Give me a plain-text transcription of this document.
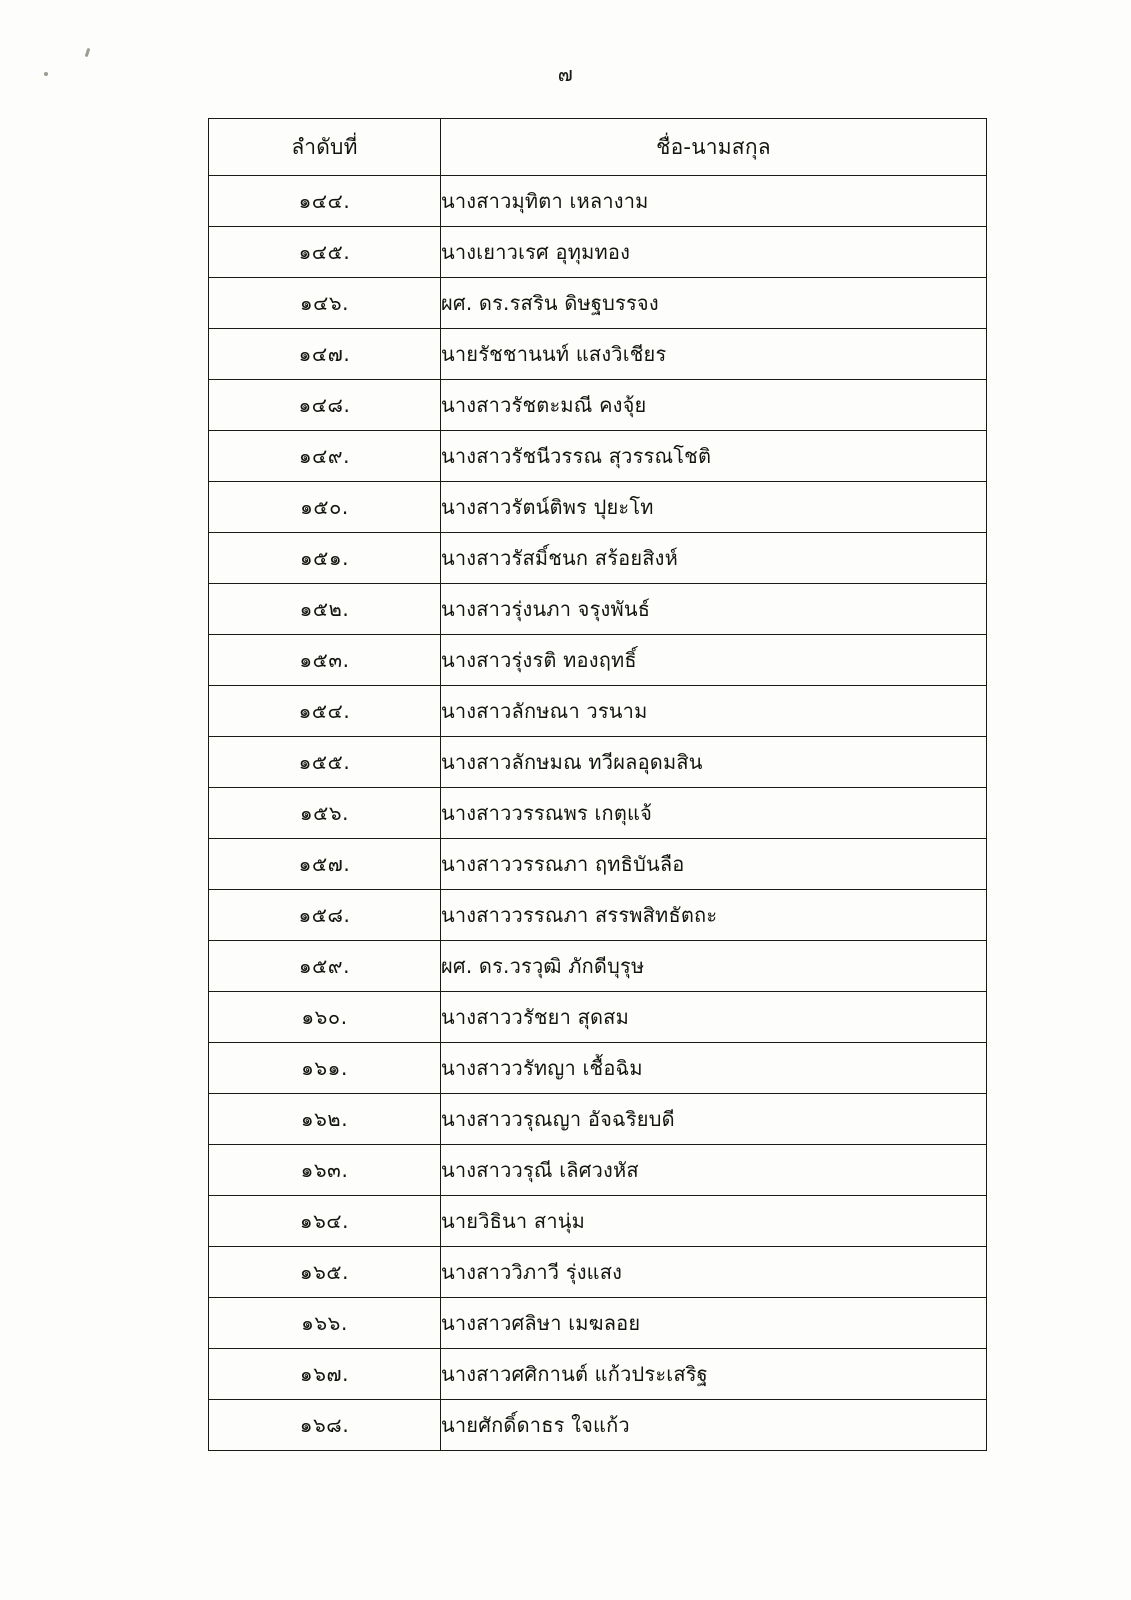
๗
ลำดับที่	ชื่อ-นามสกุล
๑๔๔.	นางสาวมุทิตา เหลางาม
๑๔๕.	นางเยาวเรศ อุทุมทอง
๑๔๖.	ผศ. ดร.รสริน ดิษฐบรรจง
๑๔๗.	นายรัชชานนท์ แสงวิเชียร
๑๔๘.	นางสาวรัชตะมณี คงจุ้ย
๑๔๙.	นางสาวรัชนีวรรณ สุวรรณโชติ
๑๕๐.	นางสาวรัตน์ติพร ปุยะโท
๑๕๑.	นางสาวรัสมิ์ชนก สร้อยสิงห์
๑๕๒.	นางสาวรุ่งนภา จรุงพันธ์
๑๕๓.	นางสาวรุ่งรติ ทองฤทธิ์
๑๕๔.	นางสาวลักษณา วรนาม
๑๕๕.	นางสาวลักษมณ ทวีผลอุดมสิน
๑๕๖.	นางสาววรรณพร เกตุแจ้
๑๕๗.	นางสาววรรณภา ฤทธิบันลือ
๑๕๘.	นางสาววรรณภา สรรพสิทธัตถะ
๑๕๙.	ผศ. ดร.วรวุฒิ ภักดีบุรุษ
๑๖๐.	นางสาววรัชยา สุดสม
๑๖๑.	นางสาววรัทญา เชื้อฉิม
๑๖๒.	นางสาววรุณญา อัจฉริยบดี
๑๖๓.	นางสาววรุณี เลิศวงหัส
๑๖๔.	นายวิธินา สานุ่ม
๑๖๕.	นางสาววิภาวี รุ่งแสง
๑๖๖.	นางสาวศลิษา เมฆลอย
๑๖๗.	นางสาวศศิกานต์ แก้วประเสริฐ
๑๖๘.	นายศักดิ์ดาธร ใจแก้ว
